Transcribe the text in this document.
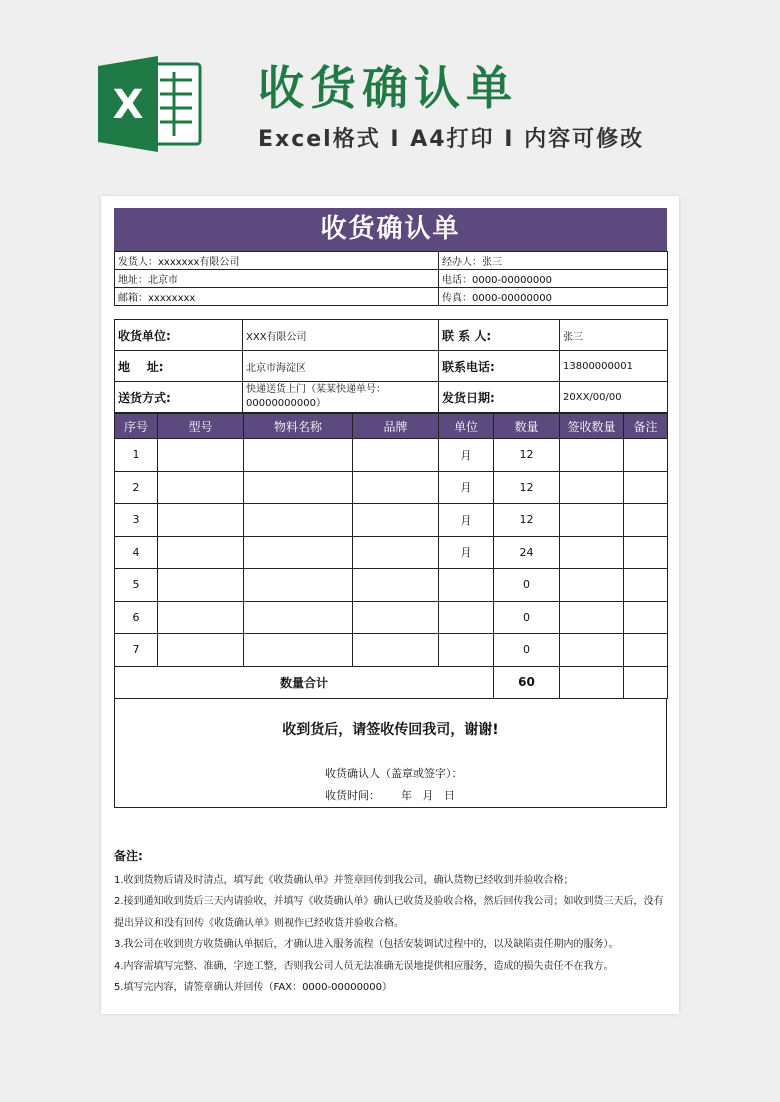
X 收货确认单
Excel格式 I A4打印 I 内容可修改
收货确认单
发货人：xxxxxxx有限公司	经办人：张三
地址：北京市	电话：0000-00000000
邮箱：xxxxxxxx	传真：0000-00000000
收货单位:	XXX有限公司	联 系 人:	张三
地    址:	北京市海淀区	联系电话:	13800000001
送货方式:	快递送货上门（某某快递单号：00000000000）	发货日期:	20XX/00/00
序号	型号	物料名称	品牌	单位	数量	签收数量	备注
1				月	12		
2				月	12		
3				月	12		
4				月	24		
5					0		
6					0		
7					0		
数量合计					60		
收到货后，请签收传回我司，谢谢!
收货确认人（盖章或签字）：
收货时间：      年   月   日
备注:
1.收到货物后请及时清点，填写此《收货确认单》并签章回传到我公司，确认货物已经收到并验收合格；
2.接到通知收到货后三天内请验收，并填写《收货确认单》确认已收货及验收合格，然后回传我公司；如收到货三天后，没有
提出异议和没有回传《收货确认单》则视作已经收货并验收合格。
3.我公司在收到贵方收货确认单据后，才确认进入服务流程（包括安装调试过程中的，以及缺陷责任期内的服务）。
4.内容需填写完整、准确，字迹工整，否则我公司人员无法准确无误地提供相应服务，造成的损失责任不在我方。
5.填写完内容，请签章确认并回传（FAX：0000-00000000）
